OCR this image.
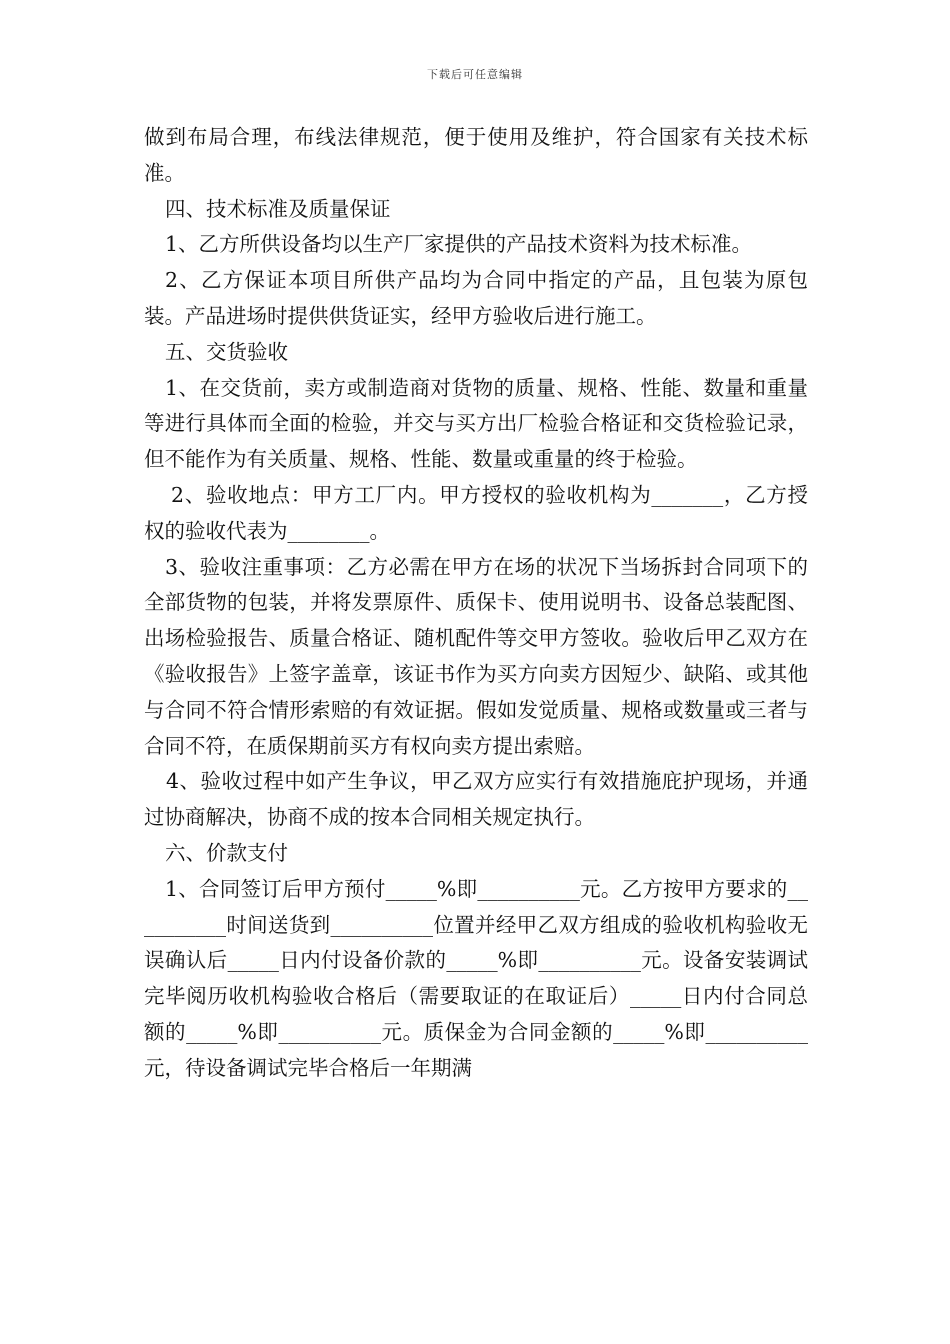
下载后可任意编辑

做到布局合理，布线法律规范，便于使用及维护，符合国家有关技术标准。

四、技术标准及质量保证

1、乙方所供设备均以生产厂家提供的产品技术资料为技术标准。

2、乙方保证本项目所供产品均为合同中指定的产品，且包装为原包装。产品进场时提供供货证实，经甲方验收后进行施工。

五、交货验收

1、在交货前，卖方或制造商对货物的质量、规格、性能、数量和重量等进行具体而全面的检验，并交与买方出厂检验合格证和交货检验记录，但不能作为有关质量、规格、性能、数量或重量的终于检验。

2、验收地点：甲方工厂内。甲方授权的验收机构为_______，乙方授权的验收代表为________。

3、验收注重事项：乙方必需在甲方在场的状况下当场拆封合同项下的全部货物的包装，并将发票原件、质保卡、使用说明书、设备总装配图、出场检验报告、质量合格证、随机配件等交甲方签收。验收后甲乙双方在《验收报告》上签字盖章，该证书作为买方向卖方因短少、缺陷、或其他与合同不符合情形索赔的有效证据。假如发觉质量、规格或数量或三者与合同不符，在质保期前买方有权向卖方提出索赔。

4、验收过程中如产生争议，甲乙双方应实行有效措施庇护现场，并通过协商解决，协商不成的按本合同相关规定执行。

六、价款支付

1、合同签订后甲方预付_____%即__________元。乙方按甲方要求的__________时间送货到__________位置并经甲乙双方组成的验收机构验收无误确认后_____日内付设备价款的_____%即__________元。设备安装调试完毕阅历收机构验收合格后（需要取证的在取证后）_____日内付合同总额的_____%即__________元。质保金为合同金额的_____%即__________元，待设备调试完毕合格后一年期满
